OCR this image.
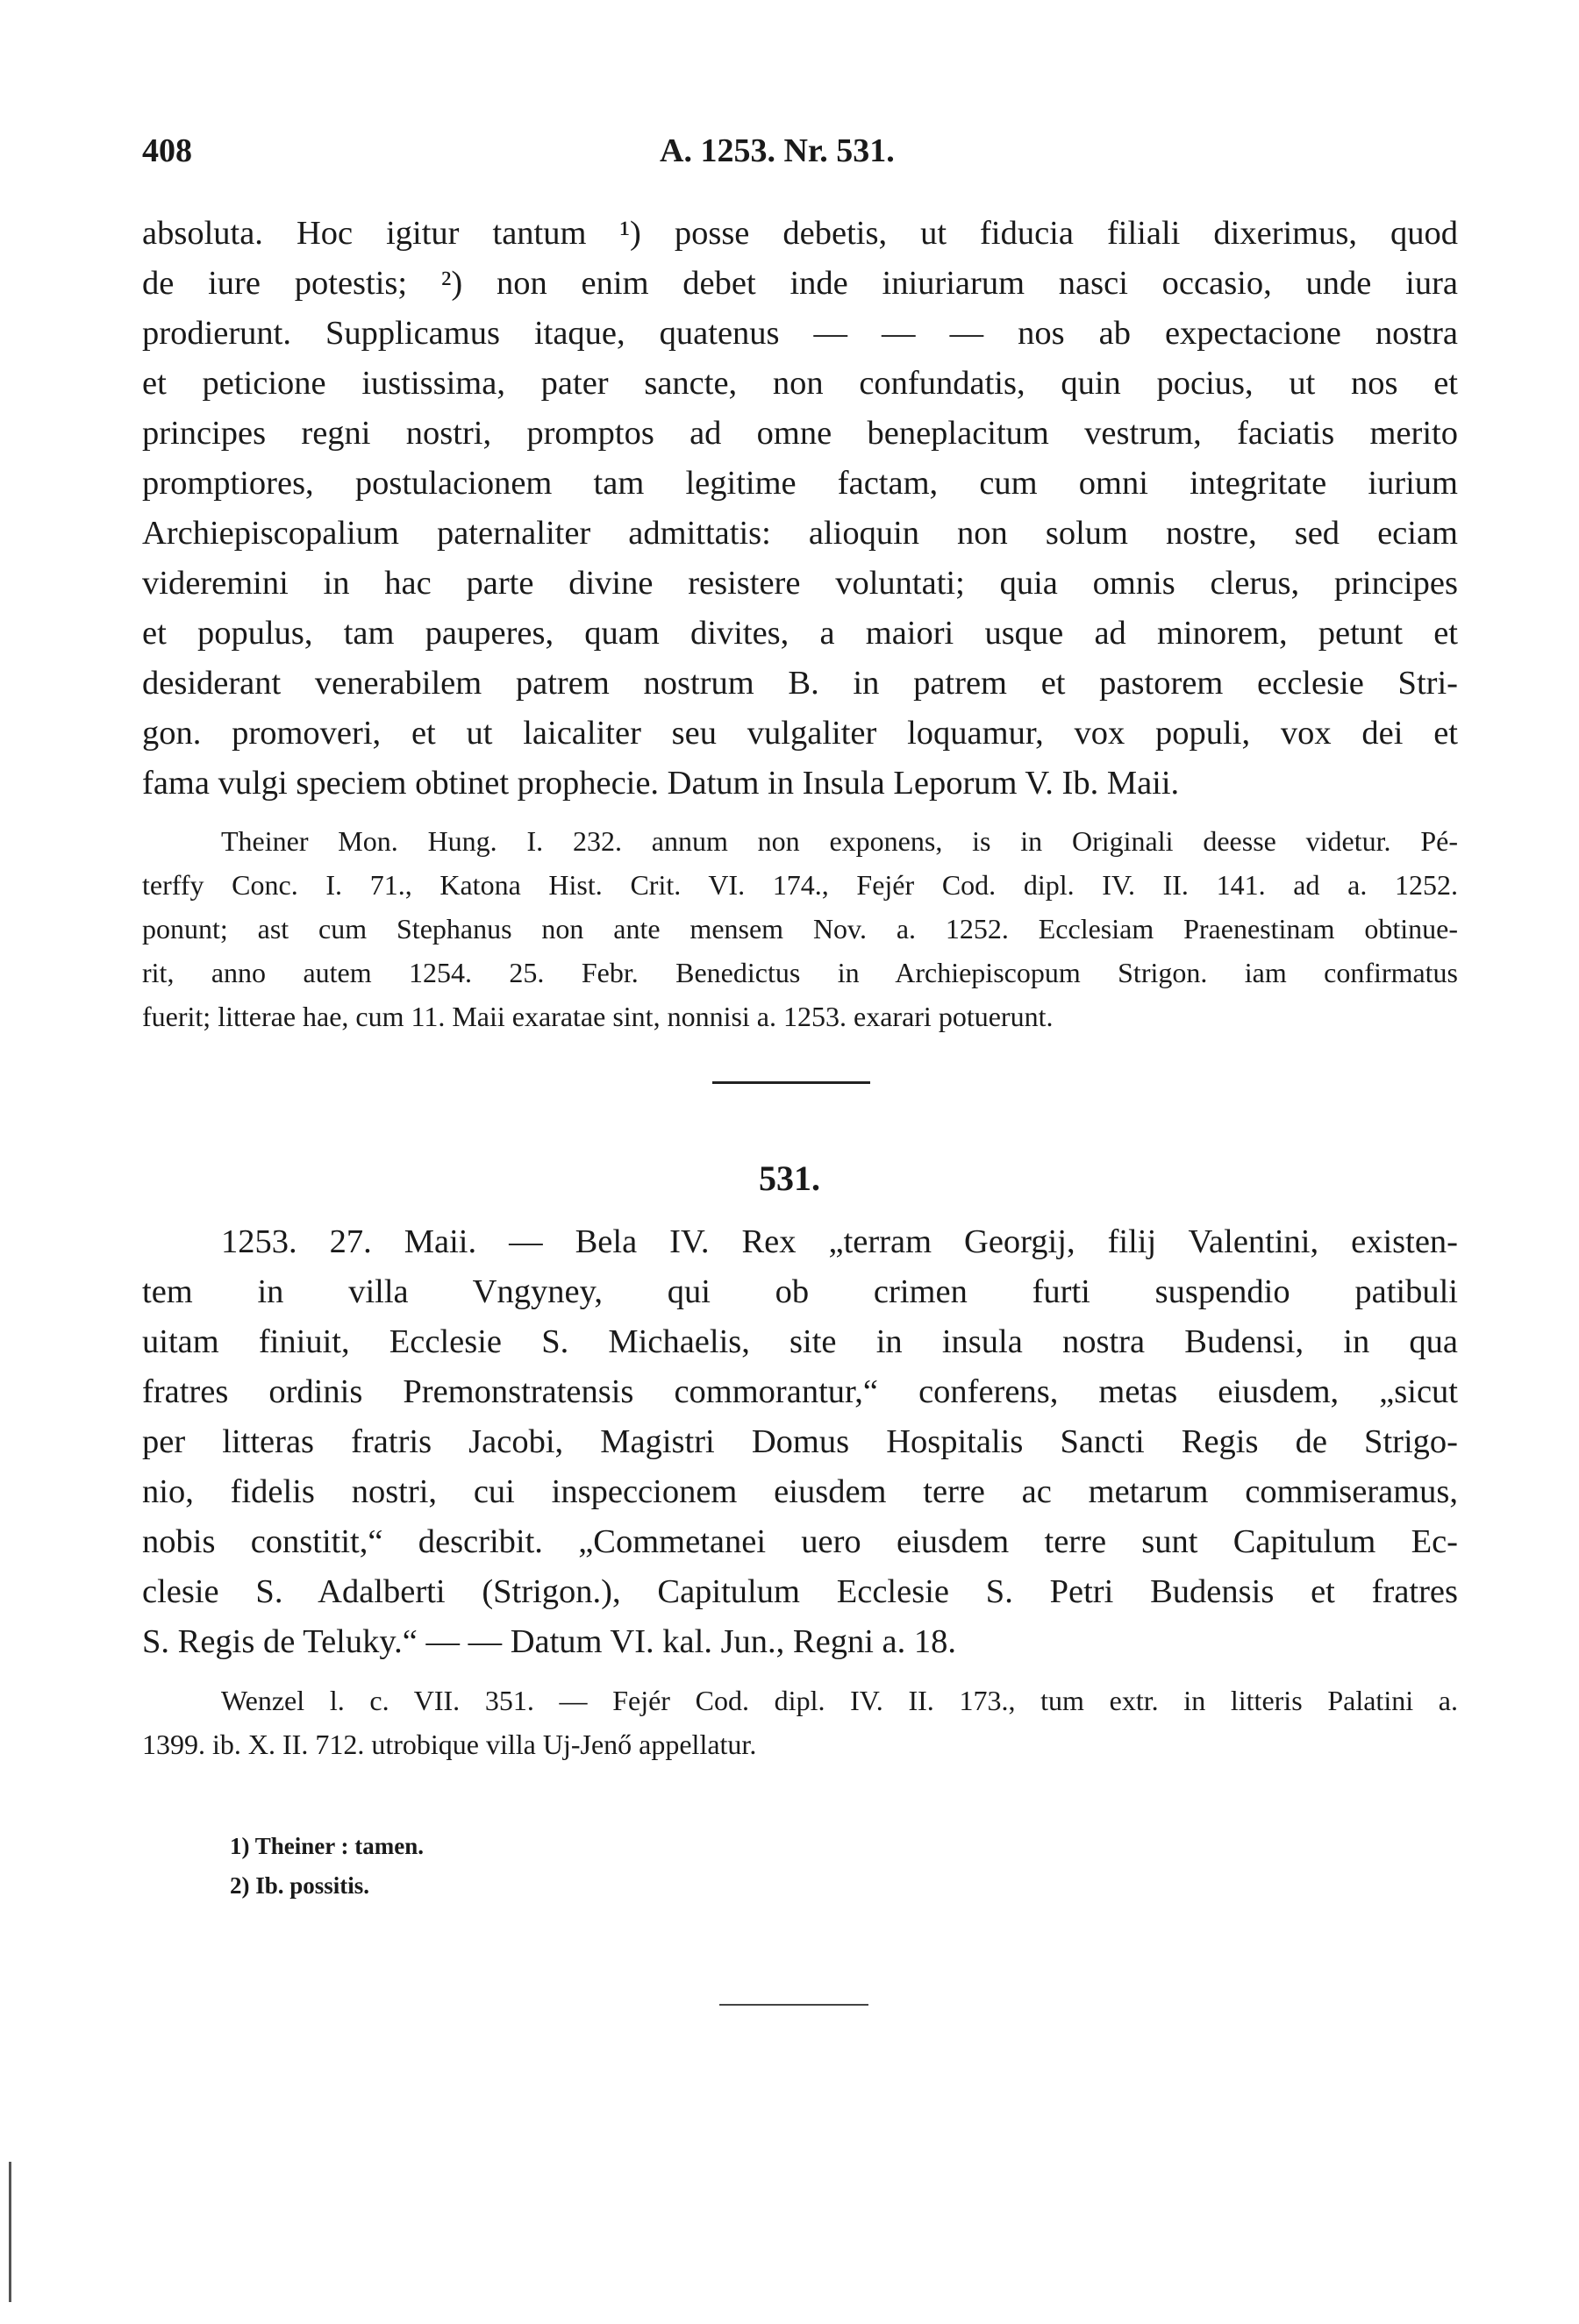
408	A. 1253. Nr. 531.
absoluta. Hoc igitur tantum ¹) posse debetis, ut fiducia filiali dixerimus, quod
de iure potestis; ²) non enim debet inde iniuriarum nasci occasio, unde iura
prodierunt. Supplicamus itaque, quatenus — — — nos ab expectacione nostra
et peticione iustissima, pater sancte, non confundatis, quin pocius, ut nos et
principes regni nostri, promptos ad omne beneplacitum vestrum, faciatis merito
promptiores, postulacionem tam legitime factam, cum omni integritate iurium
Archiepiscopalium paternaliter admittatis: alioquin non solum nostre, sed eciam
videremini in hac parte divine resistere voluntati; quia omnis clerus, principes
et populus, tam pauperes, quam divites, a maiori usque ad minorem, petunt et
desiderant venerabilem patrem nostrum B. in patrem et pastorem ecclesie Stri-
gon. promoveri, et ut laicaliter seu vulgaliter loquamur, vox populi, vox dei et
fama vulgi speciem obtinet prophecie. Datum in Insula Leporum V. Ib. Maii.
Theiner Mon. Hung. I. 232. annum non exponens, is in Originali deesse videtur. Pé-
terffy Conc. I. 71., Katona Hist. Crit. VI. 174., Fejér Cod. dipl. IV. II. 141. ad a. 1252.
ponunt; ast cum Stephanus non ante mensem Nov. a. 1252. Ecclesiam Praenestinam obtinue-
rit, anno autem 1254. 25. Febr. Benedictus in Archiepiscopum Strigon. iam confirmatus
fuerit; litterae hae, cum 11. Maii exaratae sint, nonnisi a. 1253. exarari potuerunt.
531.
1253. 27. Maii. — Bela IV. Rex „terram Georgij, filij Valentini, existen-
tem in villa Vngyney, qui ob crimen furti suspendio patibuli
uitam finiuit, Ecclesie S. Michaelis, site in insula nostra Budensi, in qua
fratres ordinis Premonstratensis commorantur,“ conferens, metas eiusdem, „sicut
per litteras fratris Jacobi, Magistri Domus Hospitalis Sancti Regis de Strigo-
nio, fidelis nostri, cui inspeccionem eiusdem terre ac metarum commiseramus,
nobis constitit,“ describit. „Commetanei uero eiusdem terre sunt Capitulum Ec-
clesie S. Adalberti (Strigon.), Capitulum Ecclesie S. Petri Budensis et fratres
S. Regis de Teluky.“ — — Datum VI. kal. Jun., Regni a. 18.
Wenzel l. c. VII. 351. — Fejér Cod. dipl. IV. II. 173., tum extr. in litteris Palatini a.
1399. ib. X. II. 712. utrobique villa Uj-Jenő appellatur.
1) Theiner : tamen.
2) Ib. possitis.
